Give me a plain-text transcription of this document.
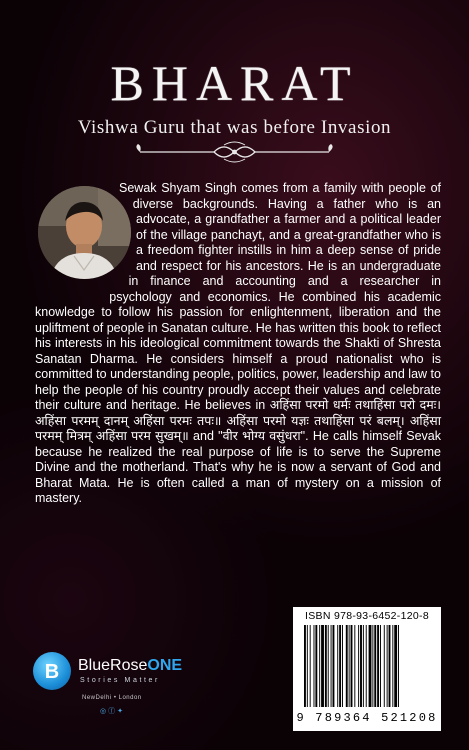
BHARAT
Vishwa Guru that was before Invasion
Sewak Shyam Singh comes from a family with people of diverse backgrounds. Having a father who is an advocate, a grandfather a farmer and a political leader of the village panchayt, and a great-grandfather who is a freedom fighter instills in him a deep sense of pride and respect for his ancestors. He is an undergraduate in finance and accounting and a researcher in psychology and economics. He combined his academic knowledge to follow his passion for enlightenment, liberation and the upliftment of people in Sanatan culture. He has written this book to reflect his interests in his ideological commitment towards the Shakti of Shresta Sanatan Dharma. He considers himself a proud nationalist who is committed to understanding people, politics, power, leadership and law to help the people of his country proudly accept their values and celebrate their culture and heritage. He believes in अहिंसा परमो धर्मः तथाहिंसा परो दमः। अहिंसा परमम् दानम् अहिंसा परमः तपः॥ अहिंसा परमो यज्ञः तथाहिंसा परं बलम्। अहिंसा परमम् मित्रम् अहिंसा परम सुखम्॥ and "वीर भोग्य वसुंधरा". He calls himself Sevak because he realized the real purpose of life is to serve the Supreme Divine and the motherland. That's why he is now a servant of God and Bharat Mata. He is often called a man of mystery on a mission of mastery.
B BlueRoseONE
Stories Matter
NewDelhi • London
◎ⓕ✦
ISBN 978-93-6452-120-8
9 789364 521208
